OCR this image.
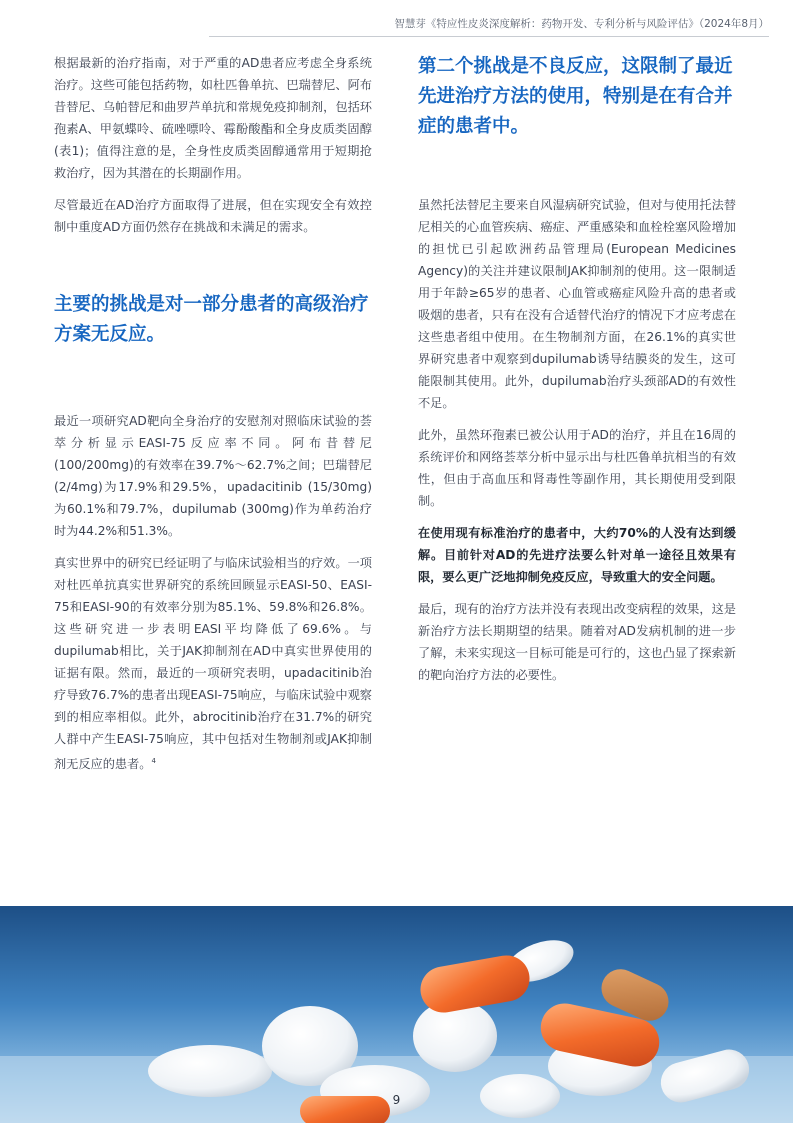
智慧芽《特应性皮炎深度解析：药物开发、专利分析与风险评估》（2024年8月）

根据最新的治疗指南，对于严重的AD患者应考虑全身系统治疗。这些可能包括药物，如杜匹鲁单抗、巴瑞替尼、阿布昔替尼、乌帕替尼和曲罗芦单抗和常规免疫抑制剂，包括环孢素A、甲氨蝶呤、硫唑嘌呤、霉酚酸酯和全身皮质类固醇(表1)；值得注意的是，全身性皮质类固醇通常用于短期抢救治疗，因为其潜在的长期副作用。

尽管最近在AD治疗方面取得了进展，但在实现安全有效控制中重度AD方面仍然存在挑战和未满足的需求。

主要的挑战是对一部分患者的高级治疗方案无反应。

最近一项研究AD靶向全身治疗的安慰剂对照临床试验的荟萃分析显示EASI-75反应率不同。阿布昔替尼(100/200mg)的有效率在39.7%～62.7%之间；巴瑞替尼(2/4mg)为17.9%和29.5%，upadacitinib (15/30mg)为60.1%和79.7%，dupilumab (300mg)作为单药治疗时为44.2%和51.3%。

真实世界中的研究已经证明了与临床试验相当的疗效。一项对杜匹单抗真实世界研究的系统回顾显示EASI-50、EASI-75和EASI-90的有效率分别为85.1%、59.8%和26.8%。这些研究进一步表明EASI平均降低了69.6%。与dupilumab相比，关于JAK抑制剂在AD中真实世界使用的证据有限。然而，最近的一项研究表明，upadacitinib治疗导致76.7%的患者出现EASI-75响应，与临床试验中观察到的相应率相似。此外，abrocitinib治疗在31.7%的研究人群中产生EASI-75响应，其中包括对生物制剂或JAK抑制剂无反应的患者。$^4$

第二个挑战是不良反应，这限制了最近先进治疗方法的使用，特别是在有合并症的患者中。

虽然托法替尼主要来自风湿病研究试验，但对与使用托法替尼相关的心血管疾病、癌症、严重感染和血栓栓塞风险增加的担忧已引起欧洲药品管理局(European Medicines Agency)的关注并建议限制JAK抑制剂的使用。这一限制适用于年龄≥65岁的患者、心血管或癌症风险升高的患者或吸烟的患者，只有在没有合适替代治疗的情况下才应考虑在这些患者组中使用。在生物制剂方面，在26.1%的真实世界研究患者中观察到dupilumab诱导结膜炎的发生，这可能限制其使用。此外，dupilumab治疗头颈部AD的有效性不足。

此外，虽然环孢素已被公认用于AD的治疗，并且在16周的系统评价和网络荟萃分析中显示出与杜匹鲁单抗相当的有效性，但由于高血压和肾毒性等副作用，其长期使用受到限制。

在使用现有标准治疗的患者中，大约70%的人没有达到缓解。目前针对AD的先进疗法要么针对单一途径且效果有限，要么更广泛地抑制免疫反应，导致重大的安全问题。

最后，现有的治疗方法并没有表现出改变病程的效果，这是新治疗方法长期期望的结果。随着对AD发病机制的进一步了解，未来实现这一目标可能是可行的，这也凸显了探索新的靶向治疗方法的必要性。

9
